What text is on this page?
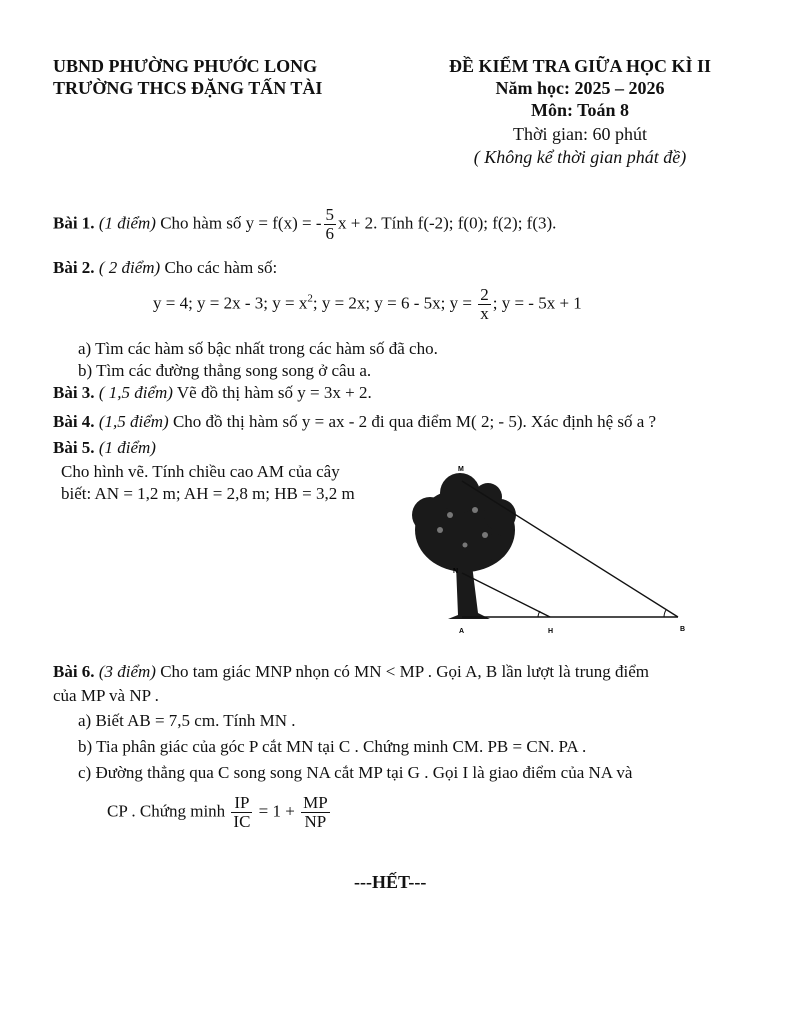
UBND PHƯỜNG PHƯỚC LONG
TRƯỜNG THCS ĐẶNG TẤN TÀI
ĐỀ KIỂM TRA GIỮA HỌC KÌ II
Năm học: 2025 – 2026
Môn: Toán 8
Thời gian: 60 phút
( Không kể thời gian phát đề)
Bài 1. (1 điểm) Cho hàm số y = f(x) = - $\frac{5}{6}$ x + 2. Tính f(-2); f(0); f(2); f(3).
Bài 2. ( 2 điểm) Cho các hàm số:
y = 4; y = 2x - 3; $y = x^2$; y = 2x; y = 6 - 5x; $y = \frac{2}{x}$ ; y = - 5x + 1
a) Tìm các hàm số bậc nhất trong các hàm số đã cho.
b) Tìm các đường thẳng song song ở câu a.
Bài 3. ( 1,5 điểm) Vẽ đồ thị hàm số y = 3x + 2.
Bài 4. (1,5 điểm) Cho đồ thị hàm số y = ax - 2 đi qua điểm M( 2; - 5). Xác định hệ số a ?
Bài 5. (1 điểm)
Cho hình vẽ. Tính chiều cao AM của cây
biết: AN = 1,2 m; AH = 2,8 m; HB = 3,2 m
M
N
A	H	B
Bài 6. (3 điểm) Cho tam giác MNP nhọn có MN < MP . Gọi A, B lần lượt là trung điểm
của MP và NP .
a) Biết AB = 7,5 cm. Tính MN .
b) Tia phân giác của góc P cắt MN tại C . Chứng minh CM. PB = CN. PA .
c) Đường thẳng qua C song song NA cắt MP tại G . Gọi I là giao điểm của NA và
CP . Chứng minh $\frac{IP}{IC} = 1 + \frac{MP}{NP}$
---HẾT---
